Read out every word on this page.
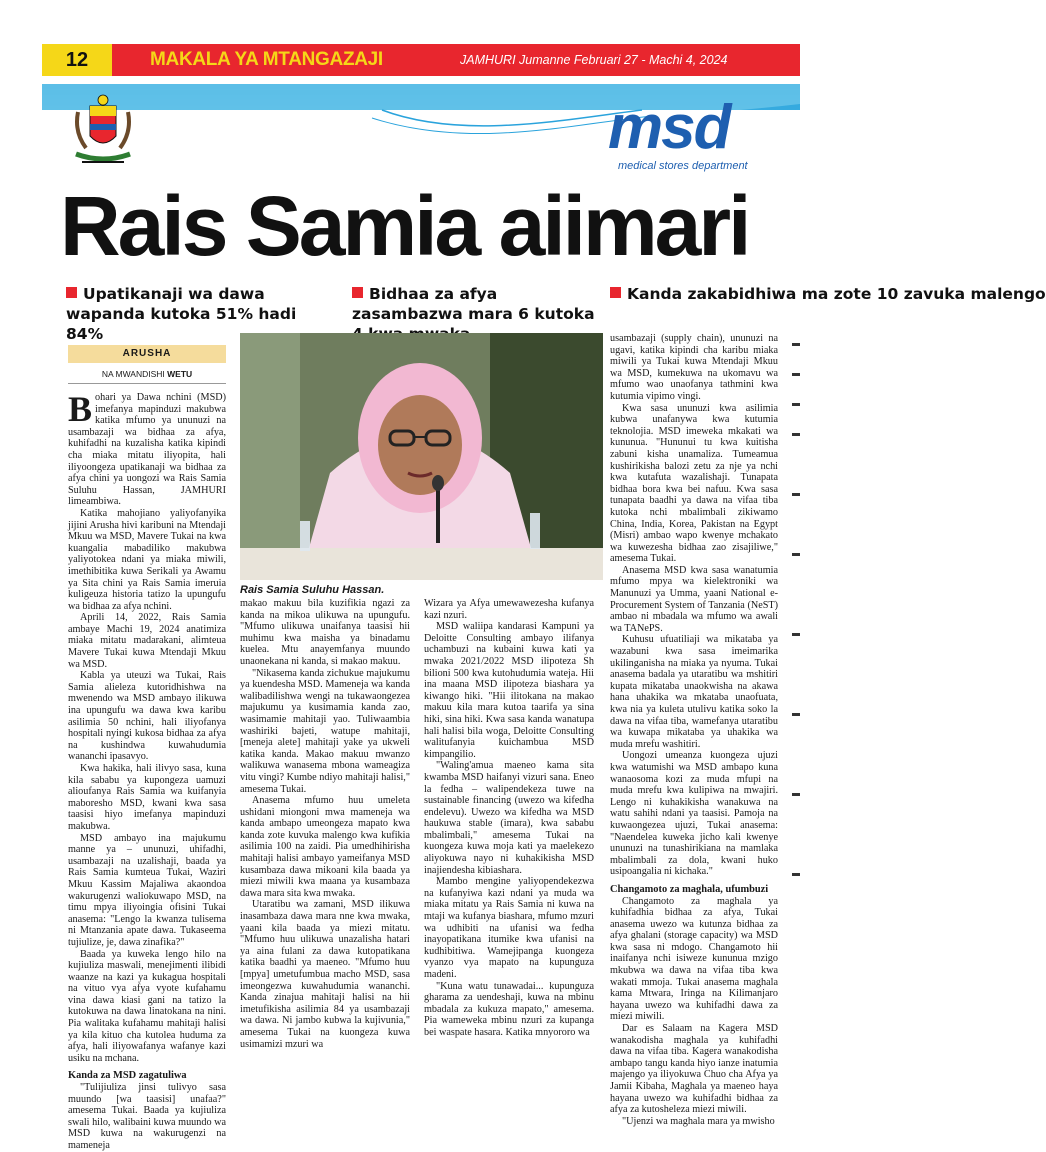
12	MAKALA YA MTANGAZAJI	JAMHURI Jumanne Februari 27 - Machi 4, 2024
msd
medical stores department
Rais Samia aiimari
Upatikanaji wa dawa wapanda kutoka 51% hadi 84%
Bidhaa za afya zasambazwa mara 6 kutoka
Kanda zakabidhiwa ma zote 10 zavuka malengo
ARUSHA
NA MWANDISHI WETU

Bohari ya Dawa nchini (MSD) imefanya mapinduzi makubwa katika mfumo ya ununuzi na usambazaji wa bidhaa za afya, kuhifadhi na kuzalisha katika kipindi cha miaka mitatu iliyopita, hali iliyoongeza upatikanaji wa bidhaa za afya chini ya uongozi wa Rais Samia Suluhu Hassan, JAMHURI limeambiwa.

Katika mahojiano yaliyofanyika jijini Arusha hivi karibuni na Mtendaji Mkuu wa MSD, Mavere Tukai na kwa kuangalia mabadiliko makubwa yaliyotokea ndani ya miaka miwili, imethibitika kuwa Serikali ya Awamu ya Sita chini ya Rais Samia imeruia kuligeuza historia tatizo la upungufu wa bidhaa za afya nchini.

Aprili 14, 2022, Rais Samia ambaye Machi 19, 2024 anatimiza miaka mitatu madarakani, alimteua Mavere Tukai kuwa Mtendaji Mkuu wa MSD.

Kabla ya uteuzi wa Tukai, Rais Samia alieleza kutoridhishwa na mwenendo wa MSD ambayo ilikuwa ina upungufu wa dawa kwa karibu asilimia 50 nchini, hali iliyofanya hospitali nyingi kukosa bidhaa za afya na kushindwa kuwahudumia wananchi ipasavyo.

Kwa hakika, hali ilivyo sasa, kuna kila sababu ya kupongeza uamuzi alioufanya Rais Samia wa kuifanyia maboresho MSD, kwani kwa sasa taasisi hiyo imefanya mapinduzi makubwa.

MSD ambayo ina majukumu manne ya – ununuzi, uhifadhi, usambazaji na uzalishaji, baada ya Rais Samia kumteua Tukai, Waziri Mkuu Kassim Majaliwa akaondoa wakurugenzi waliokuwapo MSD, na timu mpya iliyoingia ofisini Tukai anasema: "Lengo la kwanza tulisema ni Mtanzania apate dawa. Tukaseema tujiulize, je, dawa zinafika?"

Baada ya kuweka lengo hilo na kujiuliza maswali, menejimenti ilibidi waanze na kazi ya kukagua hospitali na vituo vya afya vyote kufahamu vina dawa kiasi gani na tatizo la kutokuwa na dawa linatokana na nini. Pia walitaka kufahamu mahitaji halisi ya kila kituo cha kutolea huduma za afya, hali iliyowafanya wafanye kazi usiku na mchana.

Kanda za MSD zagatuliwa

"Tulijiuliza jinsi tulivyo sasa muundo [wa taasisi] unafaa?" amesema Tukai. Baada ya kujiuliza swali hilo, walibaini kuwa muundo wa MSD kuwa na wakurugenzi na mameneja

Rais Samia Suluhu Hassan.

makao makuu bila kuzifikia ngazi za kanda na mikoa ulikuwa na upungufu. "Mfumo ulikuwa unaifanya taasisi hii muhimu kwa maisha ya binadamu kuelea. Mtu anayemfanya muundo unaonekana ni kanda, si makao makuu.

"Nikasema kanda zichukue majukumu ya kuendesha MSD. Mameneja wa kanda walibadilishwa wengi na tukawaongezea majukumu ya kusimamia kanda zao, wasimamie mahitaji yao. Tuliwaambia washiriki bajeti, watupe mahitaji, [meneja alete] mahitaji yake ya ukweli katika kanda. Makao makuu mwanzo walikuwa wanasema mbona wameagiza vitu vingi? Kumbe ndiyo mahitaji halisi," amesema Tukai.

Anasema mfumo huu umeleta ushidani miongoni mwa mameneja wa kanda ambapo umeongeza mapato kwa kanda zote kuvuka malengo kwa kufikia asilimia 100 na zaidi. Pia umedhihirisha mahitaji halisi ambayo yameifanya MSD kusambaza dawa mikoani kila baada ya miezi miwili kwa maana ya kusambaza dawa mara sita kwa mwaka.

Utaratibu wa zamani, MSD ilikuwa inasambaza dawa mara nne kwa mwaka, yaani kila baada ya miezi mitatu. "Mfumo huu ulikuwa unazalisha hatari ya aina fulani za dawa kutopatikana katika baadhi ya maeneo. "Mfumo huu [mpya] umetufumbua macho MSD, sasa imeongezwa kuwahudumia wananchi. Kanda zinajua mahitaji halisi na hii imetufikisha asilimia 84 ya usambazaji wa dawa. Ni jambo kubwa la kujivunia," amesema Tukai na kuongeza kuwa usimamizi mzuri wa

Wizara ya Afya umewawezesha kufanya kazi nzuri.

MSD waliipa kandarasi Kampuni ya Deloitte Consulting ambayo ilifanya uchambuzi na kubaini kuwa kati ya mwaka 2021/2022 MSD ilipoteza Sh bilioni 500 kwa kutohudumia wateja. Hii ina maana MSD ilipoteza biashara ya kiwango hiki. "Hii ilitokana na makao makuu kila mara kutoa taarifa ya sina hiki, sina hiki. Kwa sasa kanda wanatupa hali halisi bila woga, Deloitte Consulting walitufanyia kuichambua MSD kimpangilio.

"Waling'amua maeneo kama sita kwamba MSD haifanyi vizuri sana. Eneo la fedha – walipendekeza tuwe na sustainable financing (uwezo wa kifedha endelevu). Uwezo wa kifedha wa MSD haukuwa stable (imara), kwa sababu mbalimbali," amesema Tukai na kuongeza kuwa moja kati ya maelekezo aliyokuwa nayo ni kuhakikisha MSD inajiendesha kibiashara.

Mambo mengine yaliyopendekezwa na kufanyiwa kazi ndani ya muda wa miaka mitatu ya Rais Samia ni kuwa na mtaji wa kufanya biashara, mfumo mzuri wa udhibiti na ufanisi wa fedha inayopatikana itumike kwa ufanisi na kudhibitiwa. Wamejipanga kuongeza vyanzo vya mapato na kupunguza madeni.

"Kuna watu tunawadai... kupunguza gharama za uendeshaji, kuwa na mbinu mbadala za kukuza mapato," amesema. Pia wameweka mbinu nzuri za kupanga bei waspate hasara. Katika mnyororo wa

usambazaji (supply chain), ununuzi na ugavi, katika kipindi cha karibu miaka miwili ya Tukai kuwa Mtendaji Mkuu wa MSD, kumekuwa na ukomavu wa mfumo wao unaofanya tathmini kwa kutumia vipimo vingi.

Kwa sasa ununuzi kwa asilimia kubwa unafanywa kwa kutumia teknolojia. MSD imeweka mkakati wa kununua. "Hununui tu kwa kuitisha zabuni kisha unamaliza. Tumeamua kushirikisha balozi zetu za nje ya nchi kwa kutafuta wazalishaji. Tunapata bidhaa bora kwa bei nafuu. Kwa sasa tunapata baadhi ya dawa na vifaa tiba kutoka nchi mbalimbali zikiwamo China, India, Korea, Pakistan na Egypt (Misri) ambao wapo kwenye mchakato wa kuwezesha bidhaa zao zisajiliwe," amesema Tukai.

Anasema MSD kwa sasa wanatumia mfumo mpya wa kielektroniki wa Manunuzi ya Umma, yaani National e-Procurement System of Tanzania (NeST) ambao ni mbadala wa mfumo wa awali wa TANePS.

Kuhusu ufuatiliaji wa mikataba ya wazabuni kwa sasa imeimarika ukilinganisha na miaka ya nyuma. Tukai anasema badala ya utaratibu wa mshitiri kupata mikataba unaokwisha na akawa hana uhakika wa mkataba unaofuata, kwa nia ya kuleta utulivu katika soko la dawa na vifaa tiba, wamefanya utaratibu wa kuwapa mikataba ya uhakika wa muda mrefu washitiri.

Uongozi umeanza kuongeza ujuzi kwa watumishi wa MSD ambapo kuna wanaosoma kozi za muda mfupi na muda mrefu kwa kulipiwa na mwajiri. Lengo ni kuhakikisha wanakuwa na watu sahihi ndani ya taasisi. Pamoja na kuwaongezea ujuzi, Tukai anasema: "Naendelea kuweka jicho kali kwenye ununuzi na tunashirikiana na mamlaka mbalimbali za dola, kwani huko usipoangalia ni kichaka."

Changamoto za maghala, ufumbuzi

Changamoto za maghala ya kuhifadhia bidhaa za afya, Tukai anasema uwezo wa kutunza bidhaa za afya ghalani (storage capacity) wa MSD kwa sasa ni mdogo. Changamoto hii inaifanya nchi isiweze kununua mzigo mkubwa wa dawa na vifaa tiba kwa wakati mmoja. Tukai anasema maghala kama Mtwara, Iringa na Kilimanjaro hayana uwezo wa kuhifadhi dawa za miezi miwili.

Dar es Salaam na Kagera MSD wanakodisha maghala ya kuhifadhi dawa na vifaa tiba. Kagera wanakodisha ambapo tangu kanda hiyo ianze inatumia majengo ya iliyokuwa Chuo cha Afya ya Jamii Kibaha, Maghala ya maeneo haya hayana uwezo wa kuhifadhi bidhaa za afya za kutosheleza miezi miwili.

"Ujenzi wa maghala mara ya mwisho
